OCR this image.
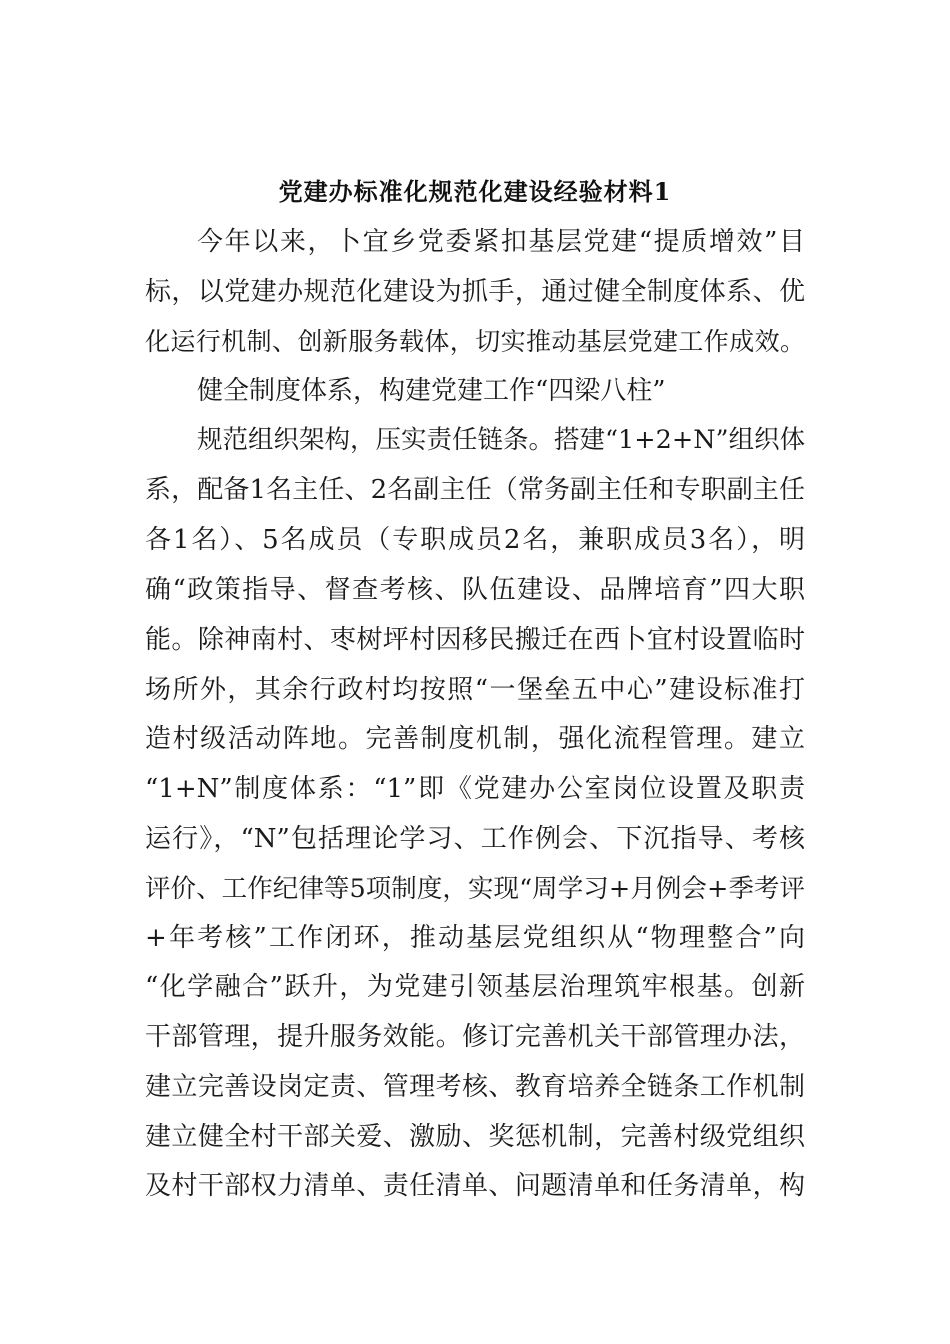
党建办标准化规范化建设经验材料1
今年以来，卜宜乡党委紧扣基层党建“提质增效”目
标，以党建办规范化建设为抓手，通过健全制度体系、优
化运行机制、创新服务载体，切实推动基层党建工作成效。
健全制度体系，构建党建工作“四梁八柱”
规范组织架构，压实责任链条。搭建“1+2+N”组织体
系，配备1名主任、2名副主任（常务副主任和专职副主任
各1名）、5名成员（专职成员2名，兼职成员3名），明
确“政策指导、督查考核、队伍建设、品牌培育”四大职
能。除神南村、枣树坪村因移民搬迁在西卜宜村设置临时
场所外，其余行政村均按照“一堡垒五中心”建设标准打
造村级活动阵地。完善制度机制，强化流程管理。建立
“1+N”制度体系：“1”即《党建办公室岗位设置及职责
运行》，“N”包括理论学习、工作例会、下沉指导、考核
评价、工作纪律等5项制度，实现“周学习+月例会+季考评
+年考核”工作闭环，推动基层党组织从“物理整合”向
“化学融合”跃升，为党建引领基层治理筑牢根基。创新
干部管理，提升服务效能。修订完善机关干部管理办法，
建立完善设岗定责、管理考核、教育培养全链条工作机制
建立健全村干部关爱、激励、奖惩机制，完善村级党组织
及村干部权力清单、责任清单、问题清单和任务清单，构
